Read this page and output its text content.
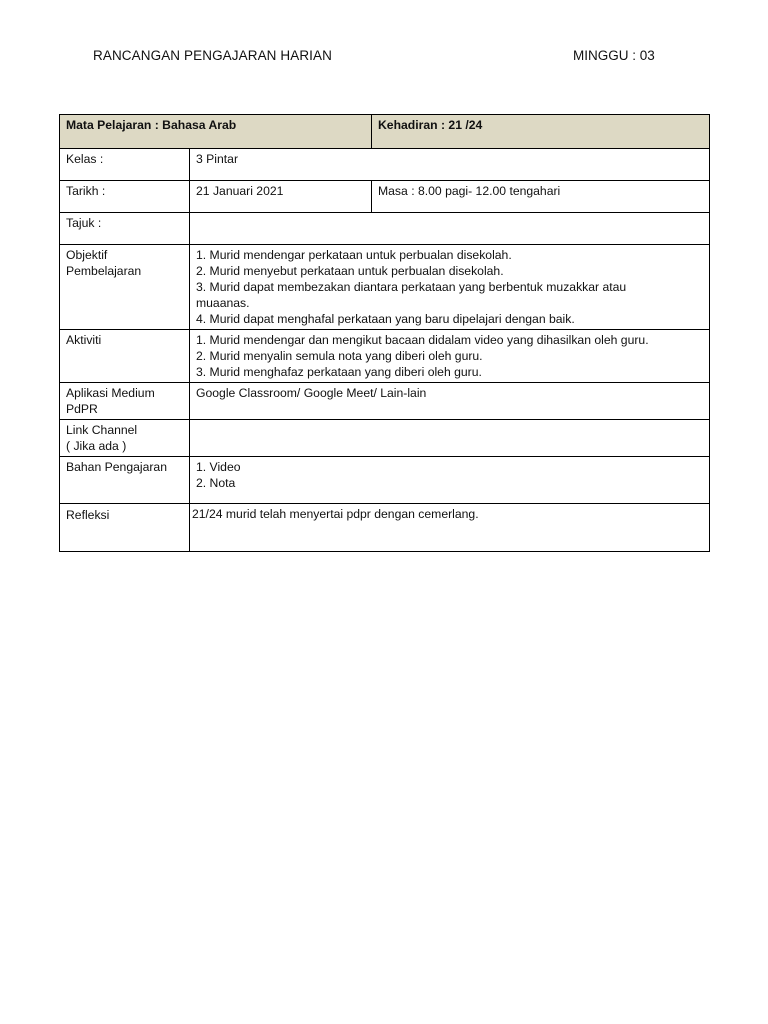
RANCANGAN PENGAJARAN HARIAN	MINGGU : 03
Mata Pelajaran : Bahasa Arab		Kehadiran : 21 /24
Kelas :	3 Pintar	
Tarikh :	21 Januari 2021	Masa : 8.00 pagi- 12.00 tengahari
Tajuk :		

Objektif Pembelajaran	1. Murid mendengar perkataan untuk perbualan disekolah.
2. Murid menyebut perkataan untuk perbualan disekolah.
3. Murid dapat membezakan diantara perkataan yang berbentuk muzakkar atau muaanas.
4. Murid dapat menghafal perkataan yang baru dipelajari dengan baik.	

Aktiviti	1. Murid mendengar dan mengikut bacaan didalam video yang dihasilkan oleh guru.
2. Murid menyalin semula nota yang diberi oleh guru.
3. Murid menghafaz perkataan yang diberi oleh guru.	

Aplikasi Medium PdPR	Google Classroom/ Google Meet/ Lain-lain	

Link Channel
( Jika ada )		

Bahan Pengajaran	1. Video
2. Nota	

Refleksi	21/24 murid telah menyertai pdpr dengan cemerlang.	
